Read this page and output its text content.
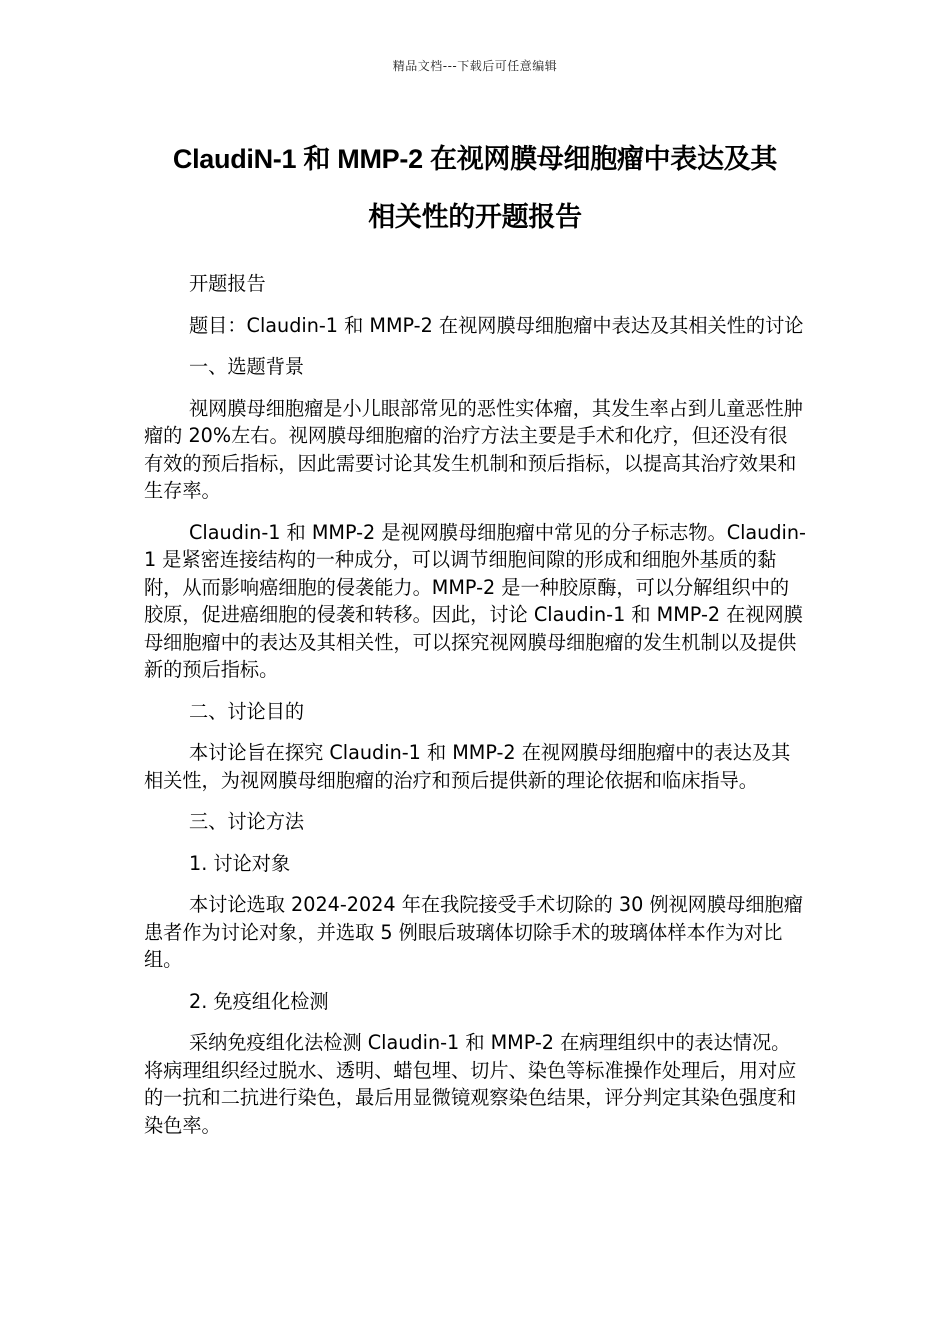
精品文档---下载后可任意编辑
ClaudiN-1 和 MMP-2 在视网膜母细胞瘤中表达及其
相关性的开题报告

开题报告

题目：Claudin-1 和 MMP-2 在视网膜母细胞瘤中表达及其相关性的讨论

一、选题背景

视网膜母细胞瘤是小儿眼部常见的恶性实体瘤，其发生率占到儿童恶性肿瘤的 20%左右。视网膜母细胞瘤的治疗方法主要是手术和化疗，但还没有很有效的预后指标，因此需要讨论其发生机制和预后指标，以提高其治疗效果和生存率。

Claudin-1 和 MMP-2 是视网膜母细胞瘤中常见的分子标志物。Claudin-1 是紧密连接结构的一种成分，可以调节细胞间隙的形成和细胞外基质的黏附，从而影响癌细胞的侵袭能力。MMP-2 是一种胶原酶，可以分解组织中的胶原，促进癌细胞的侵袭和转移。因此，讨论 Claudin-1 和 MMP-2 在视网膜母细胞瘤中的表达及其相关性，可以探究视网膜母细胞瘤的发生机制以及提供新的预后指标。

二、讨论目的

本讨论旨在探究 Claudin-1 和 MMP-2 在视网膜母细胞瘤中的表达及其相关性，为视网膜母细胞瘤的治疗和预后提供新的理论依据和临床指导。

三、讨论方法

1. 讨论对象

本讨论选取 2024-2024 年在我院接受手术切除的 30 例视网膜母细胞瘤患者作为讨论对象，并选取 5 例眼后玻璃体切除手术的玻璃体样本作为对比组。

2. 免疫组化检测

采纳免疫组化法检测 Claudin-1 和 MMP-2 在病理组织中的表达情况。将病理组织经过脱水、透明、蜡包埋、切片、染色等标准操作处理后，用对应的一抗和二抗进行染色，最后用显微镜观察染色结果，评分判定其染色强度和染色率。
